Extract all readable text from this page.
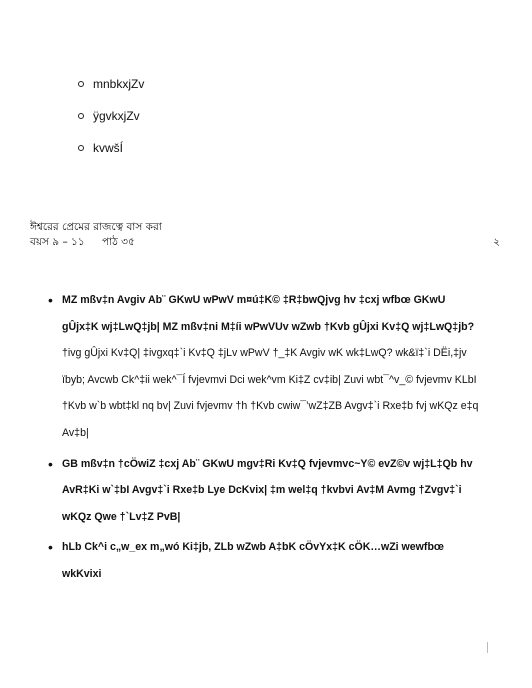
mnbkxjZv
ÿgvkxjZv
kvwšÍ
ঈশ্বরের প্রেমের রাজত্বে বাস করা
বয়স ৯ – ১১ পাঠ ৩৫	২
• MZ mßv‡n Avgiv Ab¨ GKwU wPwV m¤ú‡K© ‡R‡bwQjvg hv ‡cxj wfbœ GKwU gÛjx‡K wj‡LwQ‡jb| MZ mßv‡ni M‡íi wPwVUv wZwb †Kvb gÛjxi Kv‡Q wj‡LwQ‡jb? †ivg gÛjxi Kv‡Q| ‡ivgxq‡`i Kv‡Q ‡jLv wPwV †_‡K Avgiv wK wk‡LwQ? wk&ï‡`i DËi,‡jv ïbyb; Avcwb Ck^‡ii wek^¯Í fvjevmvi Dci wek^vm Ki‡Z cv‡ib| Zuvi wbt¯^v_© fvjevmv KLbI †Kvb w`b wbt‡kl nq bv| Zuvi fvjevmv †h †Kvb cwiw¯’wZ‡ZB Avgv‡`i Rxe‡b fvj wKQz e‡q Av‡b|
• GB mßv‡n †cÖwiZ ‡cxj Ab¨ GKwU mgv‡Ri Kv‡Q fvjevmvc~Y© evZ©v wj‡L‡Qb hv AvR‡Ki w`‡bI Avgv‡`i Rxe‡b Lye DcKvix| ‡m wel‡q †kvbvi Av‡M Avmg †Zvgv‡`i wKQz Qwe †`Lv‡Z PvB|
• hLb Ck^i c„w_ex m„wó Ki‡jb, ZLb wZwb A‡bK cÖvYx‡K cÖK…wZi wewfbœ wkKvixi
